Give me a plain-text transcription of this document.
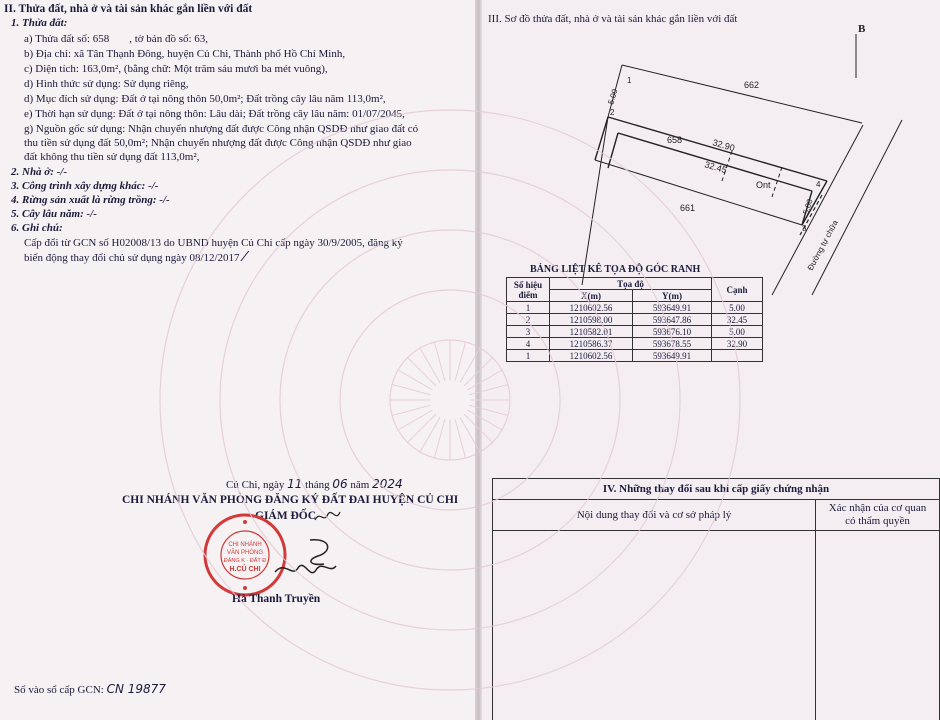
II. Thửa đất, nhà ở và tài sản khác gắn liền với đất
1. Thửa đất:
a) Thửa đất số: 658 , tờ bản đồ số: 63,
b) Địa chỉ: xã Tân Thạnh Đông, huyện Củ Chi, Thành phố Hồ Chí Minh,
c) Diện tích: 163,0m², (bằng chữ: Một trăm sáu mươi ba mét vuông),
d) Hình thức sử dụng: Sử dụng riêng,
d) Mục đích sử dụng: Đất ở tại nông thôn 50,0m²; Đất trồng cây lâu năm 113,0m²,
e) Thời hạn sử dụng: Đất ở tại nông thôn: Lâu dài; Đất trồng cây lâu năm: 01/07/2045,
g) Nguồn gốc sử dụng: Nhận chuyển nhượng đất được Công nhận QSDĐ như giao đất có
thu tiền sử dụng đất 50,0m²; Nhận chuyển nhượng đất được Công nhận QSDĐ như giao
đất không thu tiền sử dụng đất 113,0m²,
2. Nhà ở: -/-
3. Công trình xây dựng khác: -/-
4. Rừng sản xuất là rừng trồng: -/-
5. Cây lâu năm: -/-
6. Ghi chú:
Cấp đổi từ GCN số H02008/13 do UBND huyện Củ Chi cấp ngày 30/9/2005, đăng ký
biến động thay đổi chủ sử dụng ngày 08/12/2017 ⁄
Củ Chi, ngày 11 tháng 06 năm 2024
CHI NHÁNH VĂN PHÒNG ĐĂNG KÝ ĐẤT ĐAI HUYỆN CỦ CHI
GIÁM ĐỐC
CHI NHÁNH
VĂN PHÒNG
ĐĂNG K · ĐẤT Đ
H.CỦ CHI
Hà Thanh Truyền
Số vào sổ cấp GCN: CN 19877
III. Sơ đồ thửa đất, nhà ở và tài sản khác gắn liền với đất
B
1
2
3
4
662
658
661
Ont
32.90
32.45
5.00
5.00
Đường tự chữa
BẢNG LIỆT KÊ TỌA ĐỘ GÓC RANH
Số hiệu điểm	Tọa độ		Cạnh
	X(m)	Y(m)	
1	1210602.56	593649.91	5.00
2	1210598.00	593647.86	32.45
3	1210582.01	593676.10	5.00
4	1210586.37	593678.55	32.90
1	1210602.56	593649.91	
IV. Những thay đổi sau khi cấp giấy chứng nhận	
Nội dung thay đổi và cơ sở pháp lý	Xác nhận của cơ quan
có thẩm quyền
